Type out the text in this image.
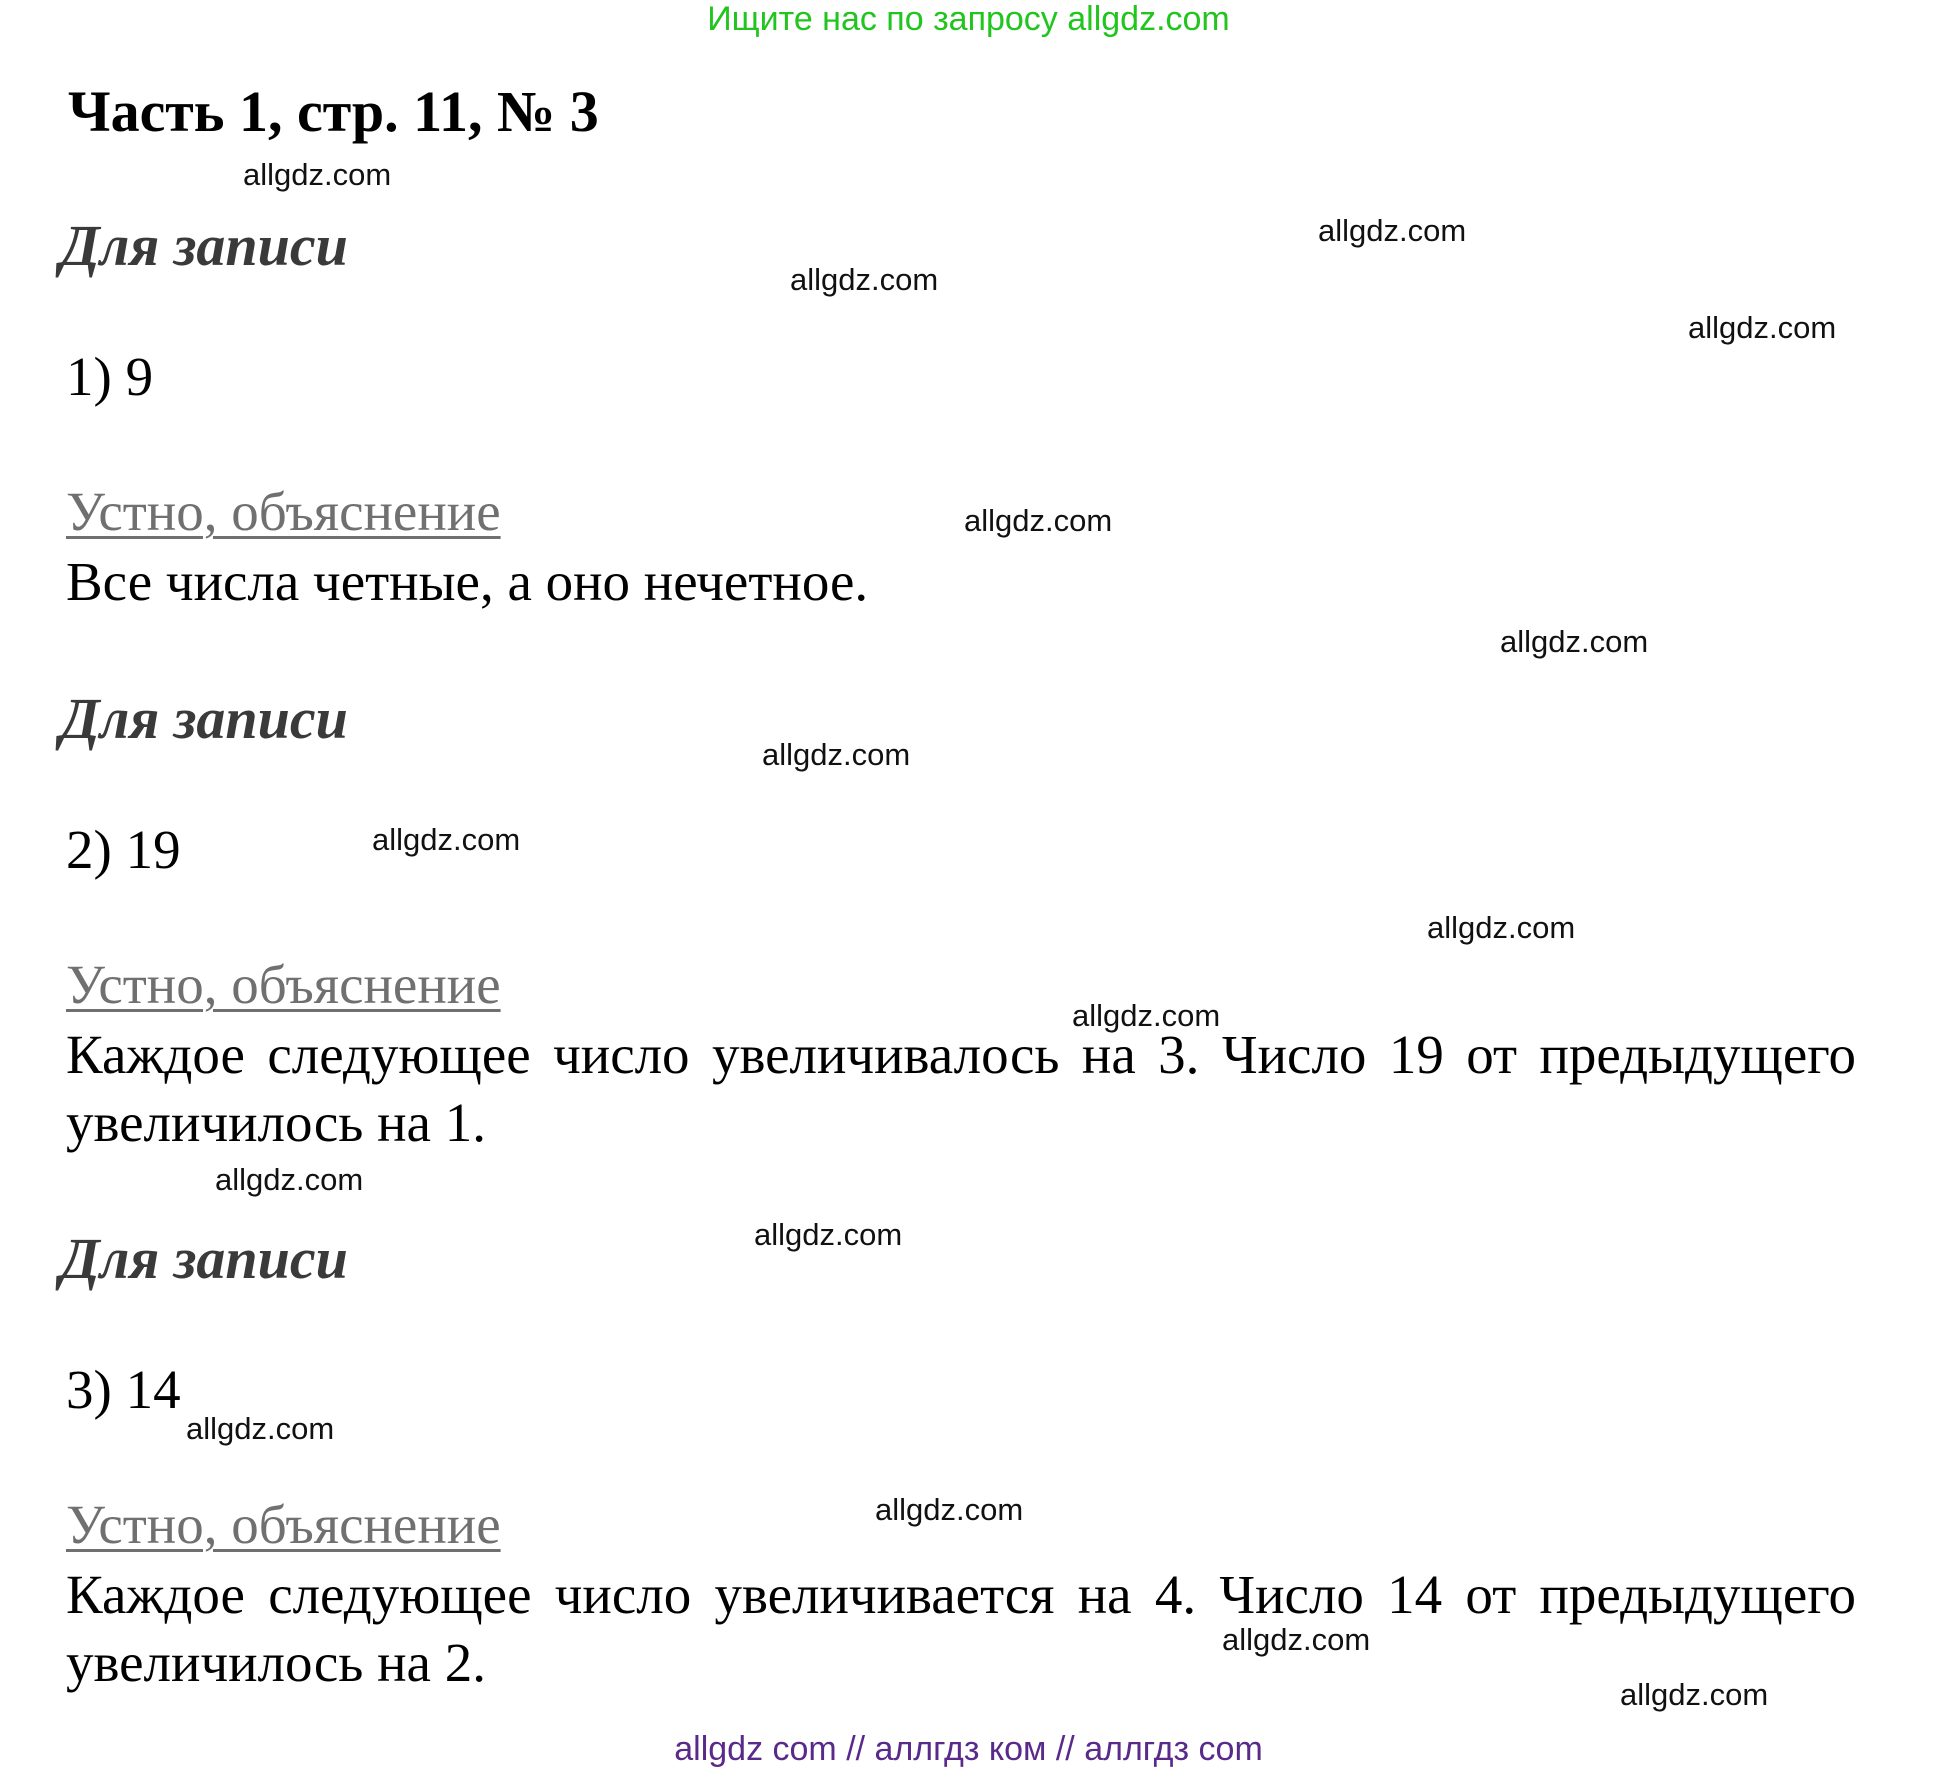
Ищите нас по запросу allgdz.com
Часть 1, стр. 11, № 3
Для записи
1) 9
Устно, объяснение
Все числа четные, а оно нечетное.
Для записи
2) 19
Устно, объяснение
Каждое следующее число увеличивалось на 3. Число 19 от предыдущего увеличилось на 1.
Для записи
3) 14
Устно, объяснение
Каждое следующее число увеличивается на 4. Число 14 от предыдущего увеличилось на 2.
allgdz.com
allgdz.com
allgdz.com
allgdz.com
allgdz.com
allgdz.com
allgdz.com
allgdz.com
allgdz.com
allgdz.com
allgdz.com
allgdz.com
allgdz.com
allgdz.com
allgdz.com
allgdz.com
allgdz com // аллгдз ком // аллгдз com
